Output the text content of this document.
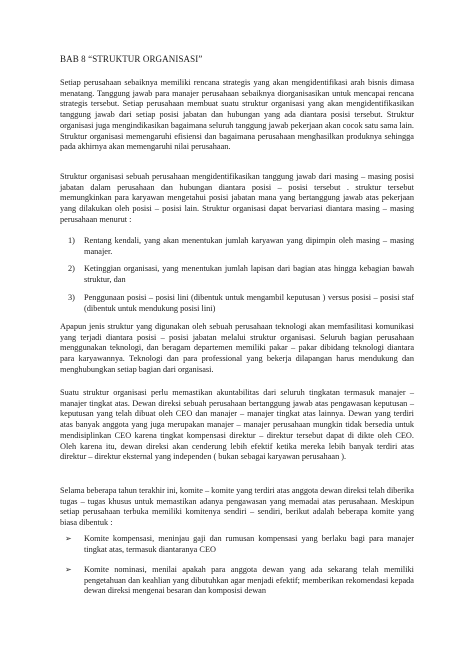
BAB 8 “STRUKTUR ORGANISASI”

Setiap perusahaan sebaiknya memiliki rencana strategis yang akan mengidentifikasi arah bisnis dimasa menatang. Tanggung jawab para manajer perusahaan sebaiknya diorganisasikan untuk mencapai rencana strategis tersebut. Setiap perusahaan membuat suatu struktur organisasi yang akan mengidentifikasikan tanggung jawab dari setiap posisi jabatan dan hubungan yang ada diantara posisi tersebut. Struktur organisasi juga mengindikasikan bagaimana seluruh tanggung jawab pekerjaan akan cocok satu sama lain. Struktur organisasi memengaruhi efisiensi dan bagaimana perusahaan menghasilkan produknya sehingga pada akhirnya akan memengaruhi nilai perusahaan.

Struktur organisasi sebuah perusahaan mengidentifikasikan tanggung jawab dari masing – masing posisi jabatan dalam perusahaan dan hubungan diantara posisi – posisi tersebut . struktur tersebut memungkinkan para karyawan mengetahui posisi jabatan mana yang bertanggung jawab atas pekerjaan yang dilakukan oleh posisi – posisi lain. Struktur organisasi dapat bervariasi diantara masing – masing perusahaan menurut :

1) Rentang kendali, yang akan menentukan jumlah karyawan yang dipimpin oleh masing – masing manajer.
2) Ketinggian organisasi, yang menentukan jumlah lapisan dari bagian atas hingga kebagian bawah struktur, dan
3) Penggunaan posisi – posisi lini (dibentuk untuk mengambil keputusan ) versus posisi – posisi staf (dibentuk untuk mendukung posisi lini)

Apapun jenis struktur yang digunakan oleh sebuah perusahaan teknologi akan memfasilitasi komunikasi yang terjadi diantara posisi – posisi jabatan melalui struktur organisasi. Seluruh bagian perusahaan menggunakan teknologi, dan beragam departemen memiliki pakar – pakar dibidang teknologi diantara para karyawannya. Teknologi dan para professional yang bekerja dilapangan harus mendukung dan menghubungkan setiap bagian dari organisasi.

Suatu struktur organisasi perlu memastikan akuntabilitas dari seluruh tingkatan termasuk manajer – manajer tingkat atas. Dewan direksi sebuah perusahaan bertanggung jawab atas pengawasan keputusan – keputusan yang telah dibuat oleh CEO dan manajer – manajer tingkat atas lainnya. Dewan yang terdiri atas banyak anggota yang juga merupakan manajer – manajer perusahaan mungkin tidak bersedia untuk mendisiplinkan CEO karena tingkat kompensasi direktur – direktur tersebut dapat di dikte oleh CEO. Oleh karena itu, dewan direksi akan cenderung lebih efektif ketika mereka lebih banyak terdiri atas direktur – direktur eksternal yang independen ( bukan sebagai karyawan perusahaan ).

Selama beberapa tahun terakhir ini, komite – komite yang terdiri atas anggota dewan direksi telah diberika tugas – tugas khusus untuk memastikan adanya pengawasan yang memadai atas perusahaan. Meskipun setiap perusahaan terbuka memiliki komitenya sendiri – sendiri, berikut adalah beberapa komite yang biasa dibentuk :

➢ Komite kompensasi, meninjau gaji dan rumusan kompensasi yang berlaku bagi para manajer tingkat atas, termasuk diantaranya CEO
➢ Komite nominasi, menilai apakah para anggota dewan yang ada sekarang telah memiliki pengetahuan dan keahlian yang dibutuhkan agar menjadi efektif; memberikan rekomendasi kepada dewan direksi mengenai besaran dan komposisi dewan
